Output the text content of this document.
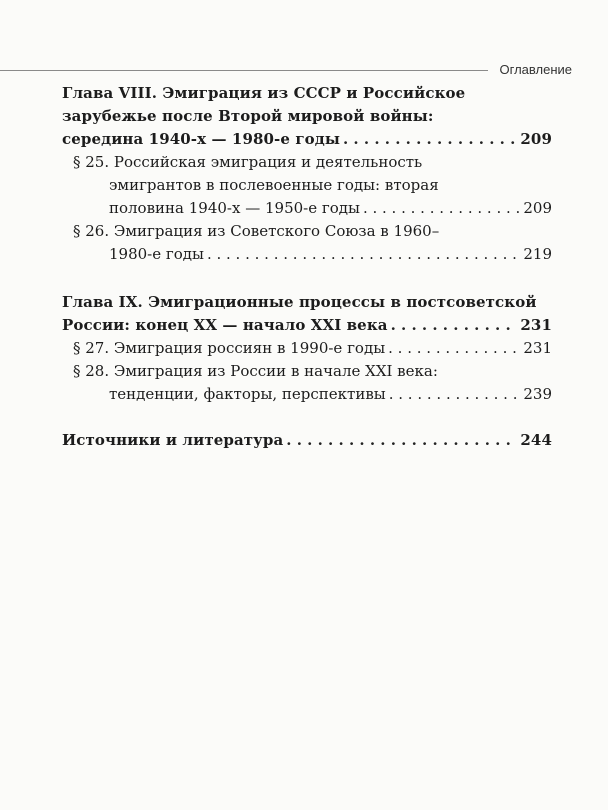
Оглавление
Глава VIII. Эмиграция из СССР и Российское
зарубежье после Второй мировой войны:
середина 1940-х — 1980-е годы . . .	209
§ 25. Российская эмиграция и деятельность
эмигрантов в послевоенные годы: вторая
половина 1940-х — 1950-е годы . . .	209
§ 26. Эмиграция из Советского Союза в 1960–
1980-е годы . . .	219
Глава IX. Эмиграционные процессы в постсоветской
России: конец XX — начало XXI века . . .	231
§ 27. Эмиграция россиян в 1990-е годы . . .	231
§ 28. Эмиграция из России в начале XXI века:
тенденции, факторы, перспективы . . .	239
Источники и литература . . .	244
